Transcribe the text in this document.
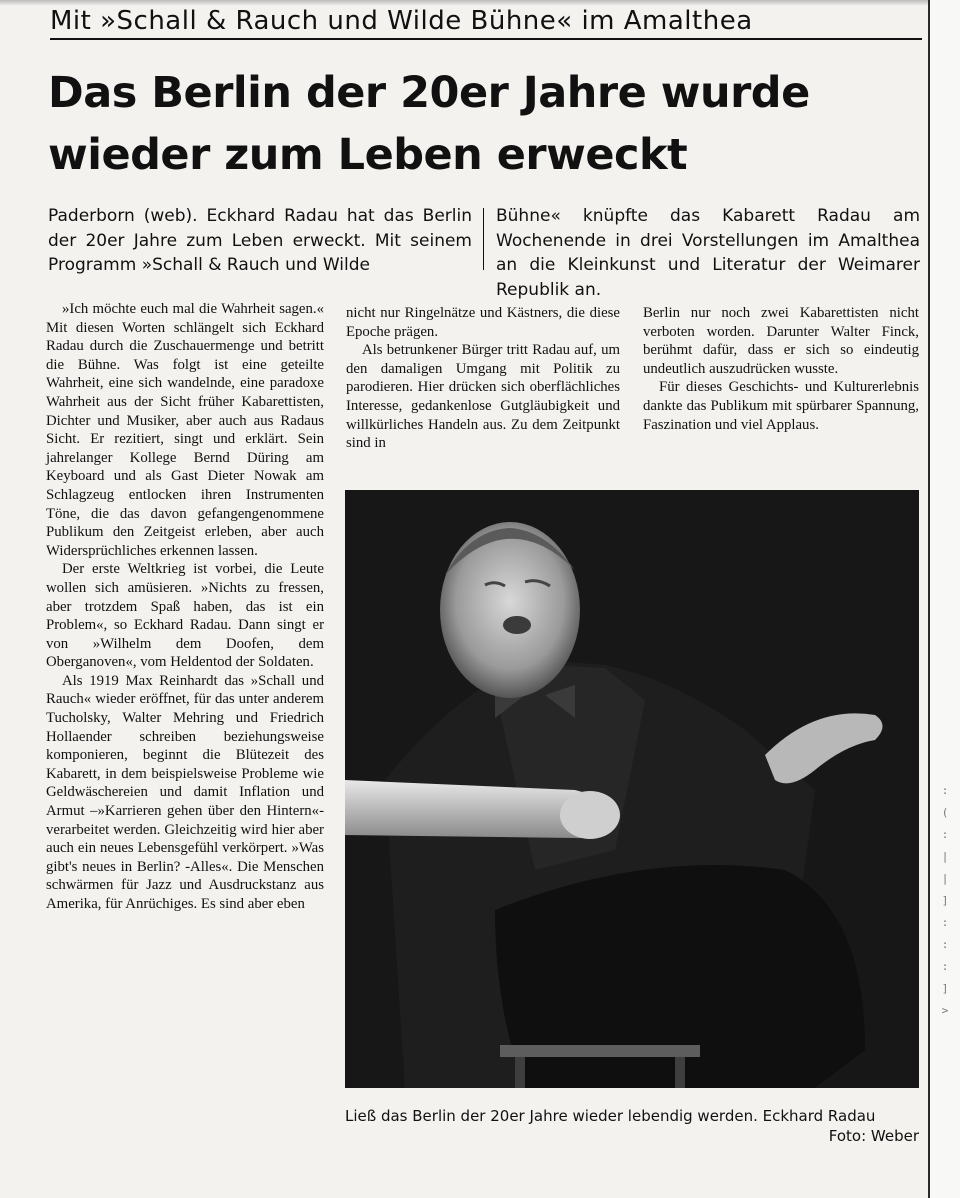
:
(
:
|
|
]
:
:
:
]
>
Mit »Schall & Rauch und Wilde Bühne« im Amalthea
Das Berlin der 20er Jahre wurde
wieder zum Leben erweckt
Paderborn (web). Eckhard Radau hat das Berlin der 20er Jahre zum Leben erweckt. Mit seinem Programm »Schall & Rauch und Wilde
Bühne« knüpfte das Kabarett Radau am Wochenende in drei Vorstellungen im Amalthea an die Kleinkunst und Literatur der Weimarer Republik an.

»Ich möchte euch mal die Wahrheit sagen.« Mit diesen Worten schlängelt sich Eckhard Radau durch die Zuschauermenge und betritt die Bühne. Was folgt ist eine geteilte Wahrheit, eine sich wandelnde, eine paradoxe Wahrheit aus der Sicht früher Kabarettisten, Dichter und Musiker, aber auch aus Radaus Sicht. Er rezitiert, singt und erklärt. Sein jahrelanger Kollege Bernd Düring am Keyboard und als Gast Dieter Nowak am Schlagzeug entlocken ihren Instrumenten Töne, die das davon gefangengenommene Publikum den Zeitgeist erleben, aber auch Widersprüchliches erkennen lassen.

Der erste Weltkrieg ist vorbei, die Leute wollen sich amüsieren. »Nichts zu fressen, aber trotzdem Spaß haben, das ist ein Problem«, so Eckhard Radau. Dann singt er von »Wilhelm dem Doofen, dem Oberganoven«, vom Heldentod der Soldaten.

Als 1919 Max Reinhardt das »Schall und Rauch« wieder eröffnet, für das unter anderem Tucholsky, Walter Mehring und Friedrich Hollaender schreiben beziehungsweise komponieren, beginnt die Blütezeit des Kabarett, in dem beispielsweise Probleme wie Geldwäschereien und damit Inflation und Armut –»Karrieren gehen über den Hintern«- verarbeitet werden. Gleichzeitig wird hier aber auch ein neues Lebensgefühl verkörpert. »Was gibt's neues in Berlin? -Alles«. Die Menschen schwärmen für Jazz und Ausdruckstanz aus Amerika, für Anrüchiges. Es sind aber eben

nicht nur Ringelnätze und Kästners, die diese Epoche prägen.

Als betrunkener Bürger tritt Radau auf, um den damaligen Umgang mit Politik zu parodieren. Hier drücken sich oberflächliches Interesse, gedankenlose Gutgläubigkeit und willkürliches Handeln aus. Zu dem Zeitpunkt sind in

Berlin nur noch zwei Kabarettisten nicht verboten worden. Darunter Walter Finck, berühmt dafür, dass er sich so eindeutig undeutlich auszudrücken wusste.

Für dieses Geschichts- und Kulturerlebnis dankte das Publikum mit spürbarer Spannung, Faszination und viel Applaus.

Ließ das Berlin der 20er Jahre wieder lebendig werden. Eckhard Radau
Foto: Weber
